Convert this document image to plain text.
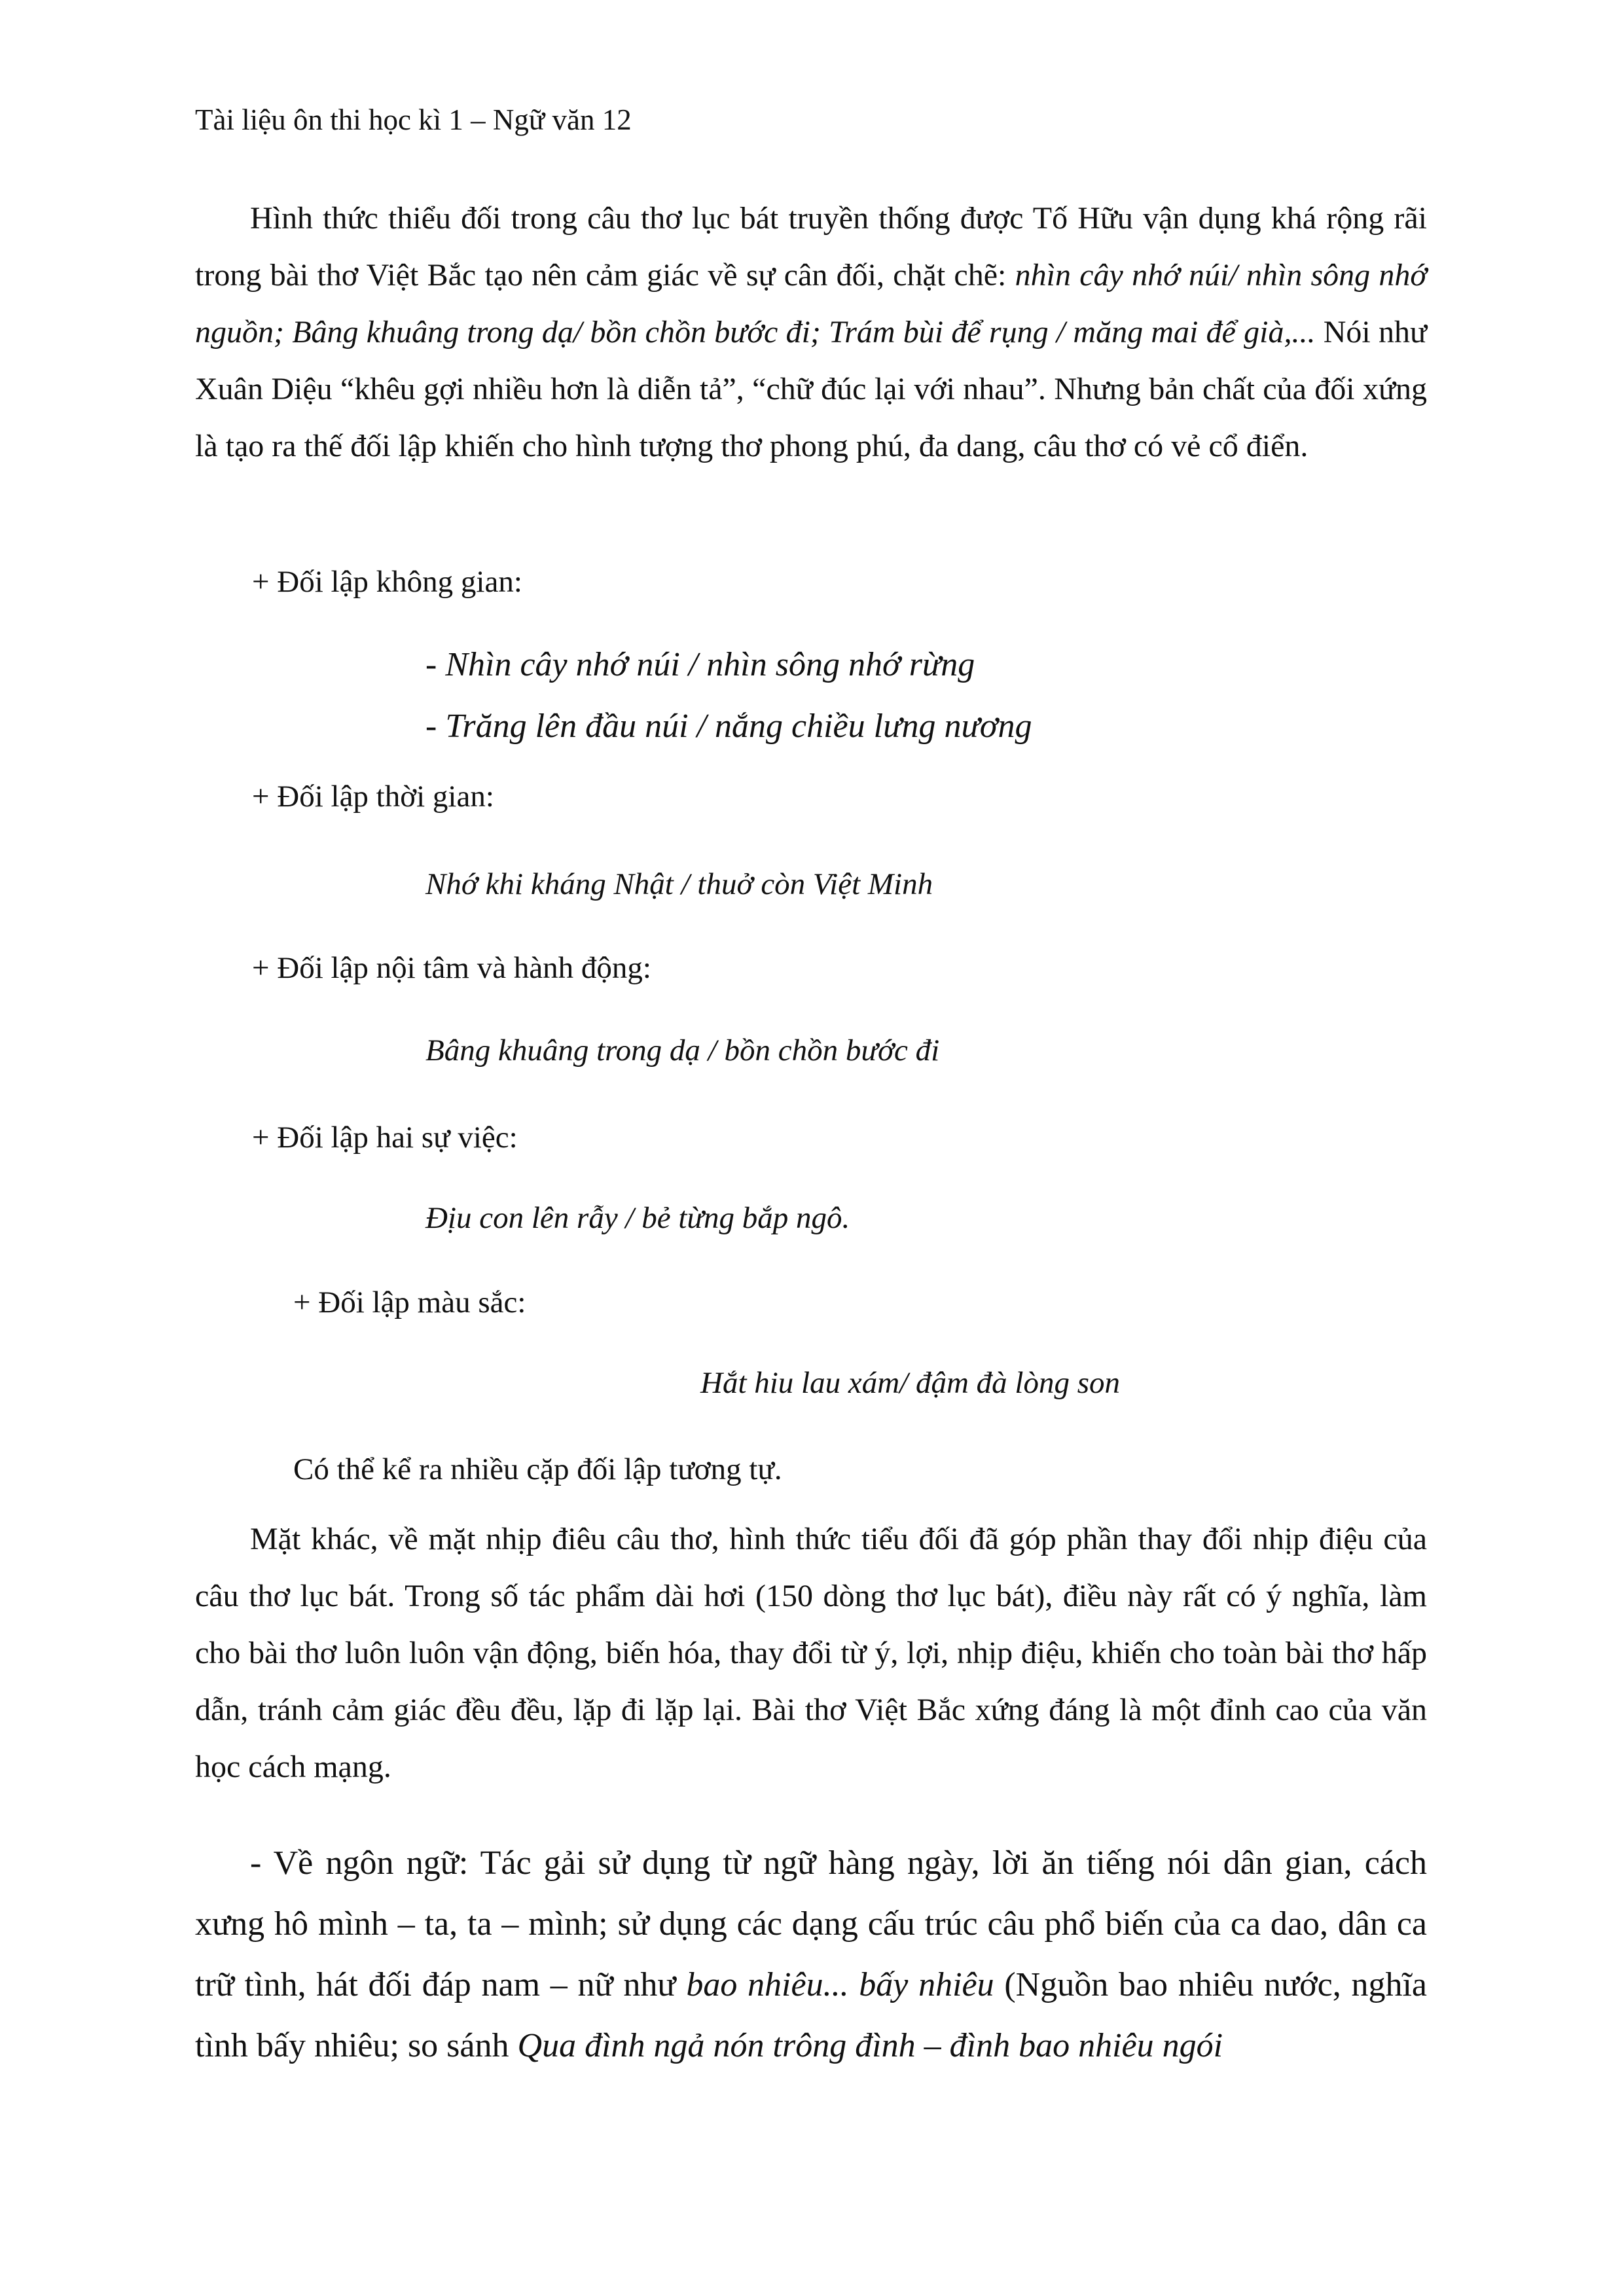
Tài liệu ôn thi học kì 1 – Ngữ văn 12
Hình thức thiểu đối trong câu thơ lục bát truyền thống được Tố Hữu vận dụng khá rộng rãi trong bài thơ Việt Bắc tạo nên cảm giác về sự cân đối, chặt chẽ: nhìn cây nhớ núi/ nhìn sông nhớ nguồn; Bâng khuâng trong dạ/ bồn chồn bước đi; Trám bùi để rụng / măng mai để già,... Nói như Xuân Diệu “khêu gợi nhiều hơn là diễn tả”, “chữ đúc lại với nhau”. Nhưng bản chất của đối xứng là tạo ra thế đối lập khiến cho hình tượng thơ phong phú, đa dang, câu thơ có vẻ cổ điển.
+ Đối lập không gian:
- Nhìn cây nhớ núi / nhìn sông nhớ rừng
- Trăng lên đầu núi / nắng chiều lưng nương
+ Đối lập thời gian:
Nhớ khi kháng Nhật / thuở còn Việt Minh
+ Đối lập nội tâm và hành động:
Bâng khuâng trong dạ / bồn chồn bước đi
+ Đối lập hai sự việc:
Địu con lên rẫy / bẻ từng bắp ngô.
+ Đối lập màu sắc:
Hắt hiu lau xám/ đậm đà lòng son
Có thể kể ra nhiều cặp đối lập tương tự.
Mặt khác, về mặt nhịp điêu câu thơ, hình thức tiểu đối đã góp phần thay đổi nhịp điệu của câu thơ lục bát. Trong số tác phẩm dài hơi (150 dòng thơ lục bát), điều này rất có ý nghĩa, làm cho bài thơ luôn luôn vận động, biến hóa, thay đổi từ ý, lợi, nhịp điệu, khiến cho toàn bài thơ hấp dẫn, tránh cảm giác đều đều, lặp đi lặp lại. Bài thơ Việt Bắc xứng đáng là một đỉnh cao của văn học cách mạng.
- Về ngôn ngữ: Tác gải sử dụng từ ngữ hàng ngày, lời ăn tiếng nói dân gian, cách xưng hô mình – ta, ta – mình; sử dụng các dạng cấu trúc câu phổ biến của ca dao, dân ca trữ tình, hát đối đáp nam – nữ như bao nhiêu... bấy nhiêu (Nguồn bao nhiêu nước, nghĩa tình bấy nhiêu; so sánh Qua đình ngả nón trông đình – đình bao nhiêu ngói
